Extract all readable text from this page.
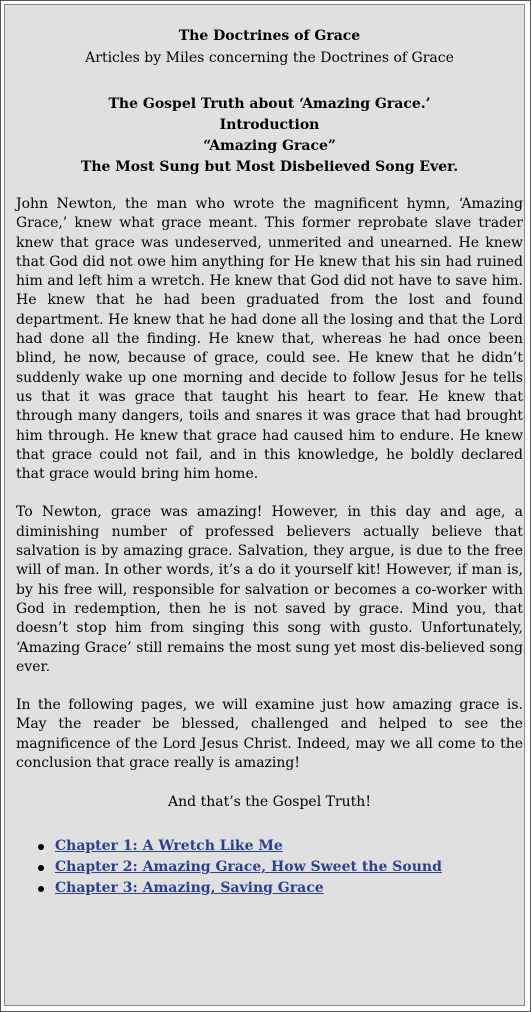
The Doctrines of Grace
Articles by Miles concerning the Doctrines of Grace
The Gospel Truth about ‘Amazing Grace.’
Introduction
“Amazing Grace”
The Most Sung but Most Disbelieved Song Ever.

John Newton, the man who wrote the magnificent hymn, ‘Amazing Grace,’ knew what grace meant. This former reprobate slave trader knew that grace was undeserved, unmerited and unearned. He knew that God did not owe him anything for He knew that his sin had ruined him and left him a wretch. He knew that God did not have to save him. He knew that he had been graduated from the lost and found department. He knew that he had done all the losing and that the Lord had done all the finding. He knew that, whereas he had once been blind, he now, because of grace, could see. He knew that he didn’t suddenly wake up one morning and decide to follow Jesus for he tells us that it was grace that taught his heart to fear. He knew that through many dangers, toils and snares it was grace that had brought him through. He knew that grace had caused him to endure. He knew that grace could not fail, and in this knowledge, he boldly declared that grace would bring him home.

To Newton, grace was amazing! However, in this day and age, a diminishing number of professed believers actually believe that salvation is by amazing grace. Salvation, they argue, is due to the free will of man. In other words, it’s a do it yourself kit! However, if man is, by his free will, responsible for salvation or becomes a co-worker with God in redemption, then he is not saved by grace. Mind you, that doesn’t stop him from singing this song with gusto. Unfortunately, ‘Amazing Grace’ still remains the most sung yet most dis-believed song ever.

In the following pages, we will examine just how amazing grace is. May the reader be blessed, challenged and helped to see the magnificence of the Lord Jesus Christ. Indeed, may we all come to the conclusion that grace really is amazing!

And that’s the Gospel Truth!
Chapter 1: A Wretch Like Me
Chapter 2: Amazing Grace, How Sweet the Sound
Chapter 3: Amazing, Saving Grace
